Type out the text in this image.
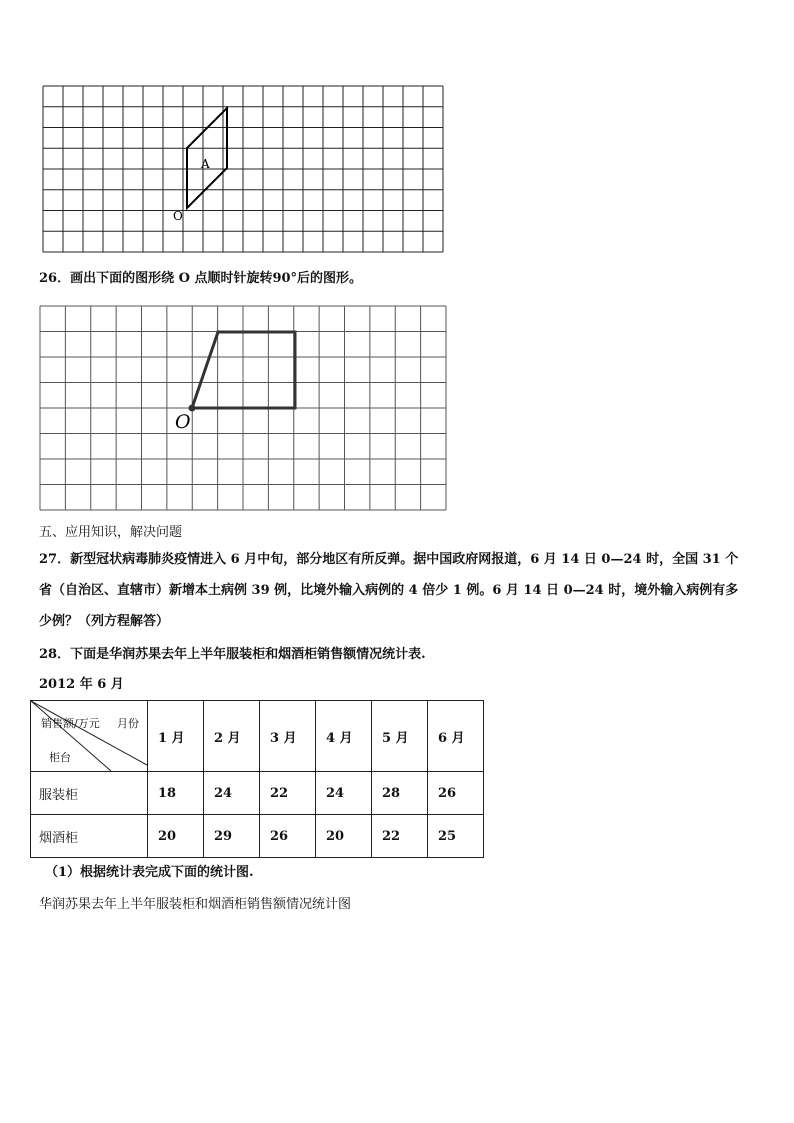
A
O
26．画出下面的图形绕 O 点顺时针旋转90°后的图形。
O
五、应用知识，解决问题
27．新型冠状病毒肺炎疫情进入 6 月中旬，部分地区有所反弹。据中国政府网报道，6 月 14 日 0—24 时，全国 31 个
省（自治区、直辖市）新增本土病例 39 例，比境外输入病例的 4 倍少 1 例。6 月 14 日 0—24 时，境外输入病例有多
少例？（列方程解答）
28．下面是华润苏果去年上半年服装柜和烟酒柜销售额情况统计表.
2012 年 6 月
销售额/万元 月份
柜台	1 月	2 月	3 月	4 月	5 月	6 月
服装柜	18	24	22	24	28	26
烟酒柜	20	29	26	20	22	25
（1）根据统计表完成下面的统计图.
华润苏果去年上半年服装柜和烟酒柜销售额情况统计图
